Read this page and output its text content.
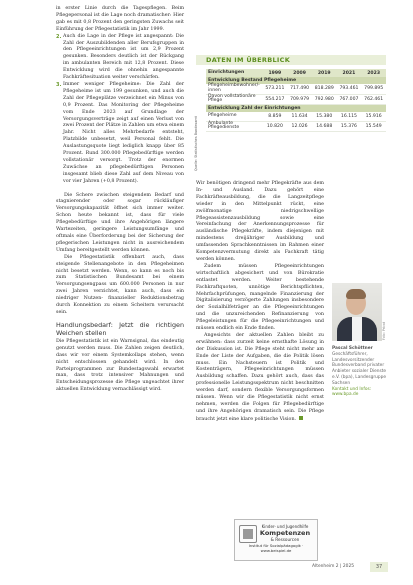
in erster Linie durch die Tagespflegen. Beim Pflegepersonal ist die Lage noch dramatischer: Hier gab es mit 0,8 Prozent den geringsten Zuwachs seit Einführung der Pflegestatistik im Jahr 1999.

2. Auch die Lage in der Pflege ist angespannt: Die Zahl der Auszubildenden aller Berufsgruppen in den Pflegeeinrichtungen ist um 2,9 Prozent gesunken. Besonders deutlich ist der Rückgang im ambulanten Bereich mit 12,8 Prozent. Diese Entwicklung wird die ohnehin angespannte Fachkräftesituation weiter verschärfen.
3. Immer weniger Pflegeheime: Die Zahl der Pflegeheime ist um 199 gesunken, und auch die Zahl der Pflegeplätze verzeichnet ein Minus von 0,9 Prozent. Das Monitoring der Pflegeheime vom Ende 2023 auf Grundlage der Versorgungsverträge zeigt auf einen Verlust von zwei Prozent der Plätze in Zahlen um etwa einem Jahr. Nicht alles Mehrbedarfe entsteht, Platzbilde unbesetzt, weil Personal fehlt. Die Auslastungsquote liegt lediglich knapp über 85 Prozent. Rund 300.000 Pflegebedürftige werden vollstationär versorgt. Trotz der enormen Zuwächse an pflegebedürftigen Personen insgesamt blieb diese Zahl auf dem Niveau von vor vier Jahren (+0,8 Prozent).

Die Schere zwischen steigendem Bedarf und stagnierender oder sogar rückläufiger Versorgungskapazität öffnet sich immer weiter. Schon heute bekannt ist, dass für viele Pflegebedürftige und ihre Angehörigen längere Wartezeiten, geringere Leistungsumfänge und oftmals eine Überforderung bei der Sicherung der pflegerischen Leistungen nicht in ausreichendem Umfang bereitgestellt werden können.

Die Pflegestatistik offenbart auch, dass steigende Stellenangebote in den Pflegeheimen nicht besetzt werden. Wenn, so kann es noch bis zum Statistischen Bundesamt bei einem Versorgungsengpass um 600.000 Personen in nur zwei Jahren verzichtet, kann auch, dass ein niedriger Nutzen- finanzieller Reduktionsbetrag durch Konnektion zu einem Scheitern verursacht sein.

Handlungsbedarf: Jetzt die richtigen Weichen stellen

Die Pflegestatistik ist ein Warnsignal, das eindeutig genutzt werden muss. Die Zahlen zeigen deutlich, dass wir vor einem Systemkollaps stehen, wenn nicht entschlossen gehandelt wird. In den Parteiprogrammen zur Bundestagswahl erwartet man, dass trotz intensiver Mahnungen und Entscheidungsprozesse die Pflege ungeachtet ihrer aktuellen Entwicklung vernachlässigt wird.

DATEN IM ÜBERBLICK
Quelle: Statistisches Bundesamt
Einrichtungen	1999	2009	2019	2021	2023
Entwicklung Bestand Pflegeheime					
Pflegeheimbewohner/-innen	573.211	717.490	818.289	793.461	799.895
Davon vollstationäre Pflege	554.217	709.979	792.980	767.007	762.461
Entwicklung Zahl der Einrichtungen					
Pflegeheime	8.859	11.634	15.380	16.115	15.916
Ambulante Pflegedienste	10.820	12.026	14.688	15.376	15.549

Wir benötigen dringend mehr Pflegekräfte aus dem In- und Ausland. Dazu gehört eine Fachkräfteausbildung, die die Langzeitpflege wieder in den Mittelpunkt rückt, eine zwölfmonatige niedrigschwellige Pflegeassistenzausbildung sowie eine Vereinfachung der Anerkennungsprozesse für ausländische Pflegekräfte, indem diejenigen mit mindestens dreijähriger Ausbildung und umfassenden Sprachkenntnissen im Rahmen einer Kompetenzvermutung direkt als Fachkraft tätig werden können.

Zudem müssen Pflegeeinrichtungen wirtschaftlich abgesichert und von Bürokratie entlastet werden. Weiter bestehende Fachkraftquoten, unnötige Berichtspflichten, Mehrfachprüfungen, mangelnde Finanzierung der Digitalisierung verzögerte Zahlungen insbesondere der Sozialhilfeträger an die Pflegeeinrichtungen und die unzureichenden Refinanzierung von Pflegeleistungen für die Pflegeeinrichtungen und müssen endlich ein Ende finden.

Angesichts der aktuellen Zahlen bleibt zu erwähnen: dass zurzeit keine ernsthafte Lösung in der Diskussion ist. Die Pflege steht nicht mehr am Ende der Liste der Aufgaben, die die Politik lösen muss. Ein Nachsteuern ist Politik und Kostenträgern, Pflegeeinrichtungen müssen Ausbildung schaffen. Dazu gehört auch, dass das professionelle Leistungsspektrum nicht beschnitten werden darf, sondern flexible Versorgungsformen müssen. Wenn wir die Pflegestatistik nicht ernst nehmen, werden die Folgen für Pflegebedürftige und ihre Angehörigen dramatisch sein. Die Pflege braucht jetzt eine klare politische Vision.

Foto: Privat
Pascal Schöttner
Geschäftsführer, Landesvorsitzender Bundesverband privater Anbieter sozialer Dienste e.V. (bpa), Landesgruppe Sachsen
Kontakt und Infos:
www.bpa.de
Kinder- und Jugendhilfe
Kompetenzen
& Ressourcen
Institut für Sozialpädagogik · www.beispiel.de
Altenheim 2 | 2025	37
